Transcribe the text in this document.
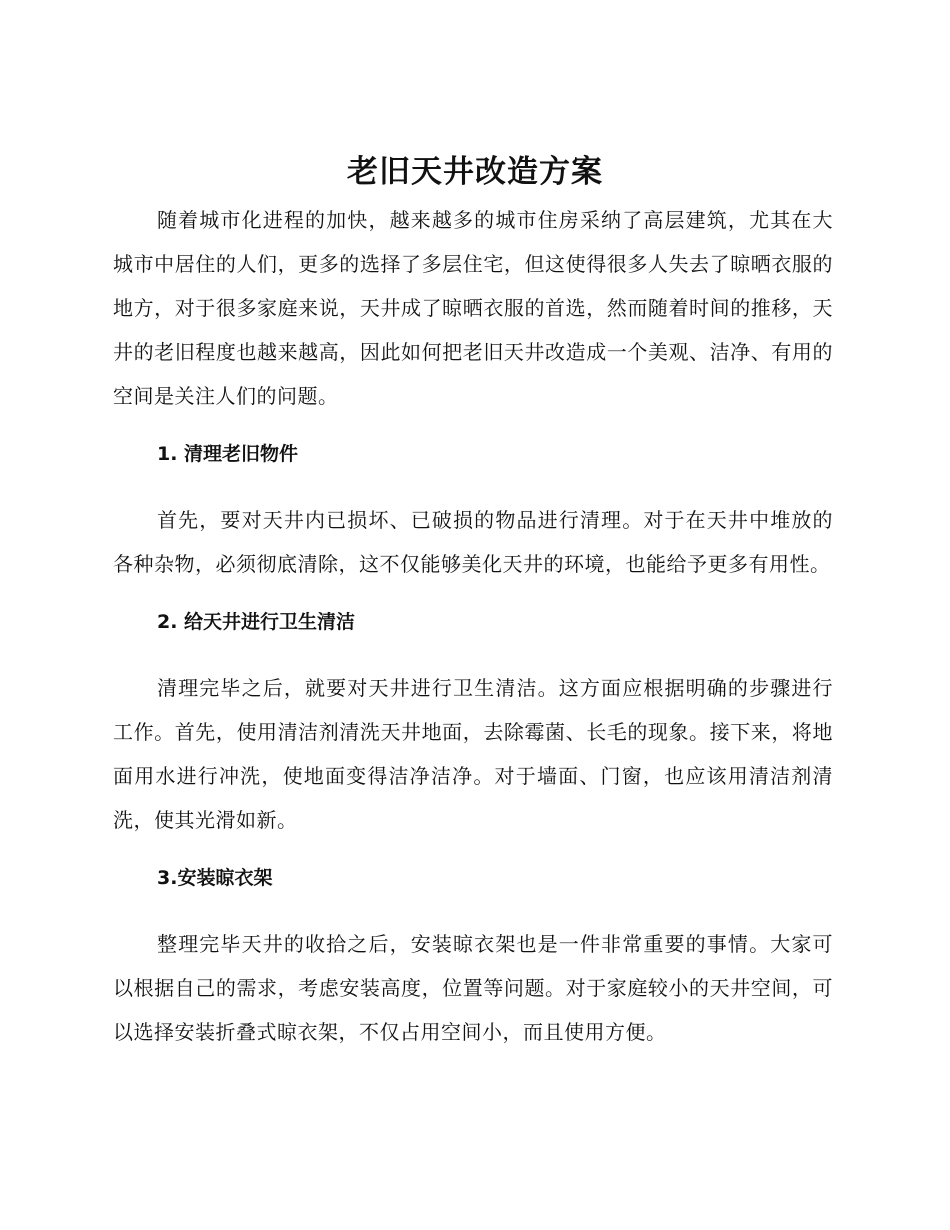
老旧天井改造方案

随着城市化进程的加快，越来越多的城市住房采纳了高层建筑，尤其在大城市中居住的人们，更多的选择了多层住宅，但这使得很多人失去了晾晒衣服的地方，对于很多家庭来说，天井成了晾晒衣服的首选，然而随着时间的推移，天井的老旧程度也越来越高，因此如何把老旧天井改造成一个美观、洁净、有用的空间是关注人们的问题。

1. 清理老旧物件

首先，要对天井内已损坏、已破损的物品进行清理。对于在天井中堆放的各种杂物，必须彻底清除，这不仅能够美化天井的环境，也能给予更多有用性。

2. 给天井进行卫生清洁

清理完毕之后，就要对天井进行卫生清洁。这方面应根据明确的步骤进行工作。首先，使用清洁剂清洗天井地面，去除霉菌、长毛的现象。接下来，将地面用水进行冲洗，使地面变得洁净洁净。对于墙面、门窗，也应该用清洁剂清洗，使其光滑如新。

3.安装晾衣架

整理完毕天井的收拾之后，安装晾衣架也是一件非常重要的事情。大家可以根据自己的需求，考虑安装高度，位置等问题。对于家庭较小的天井空间，可以选择安装折叠式晾衣架，不仅占用空间小，而且使用方便。
